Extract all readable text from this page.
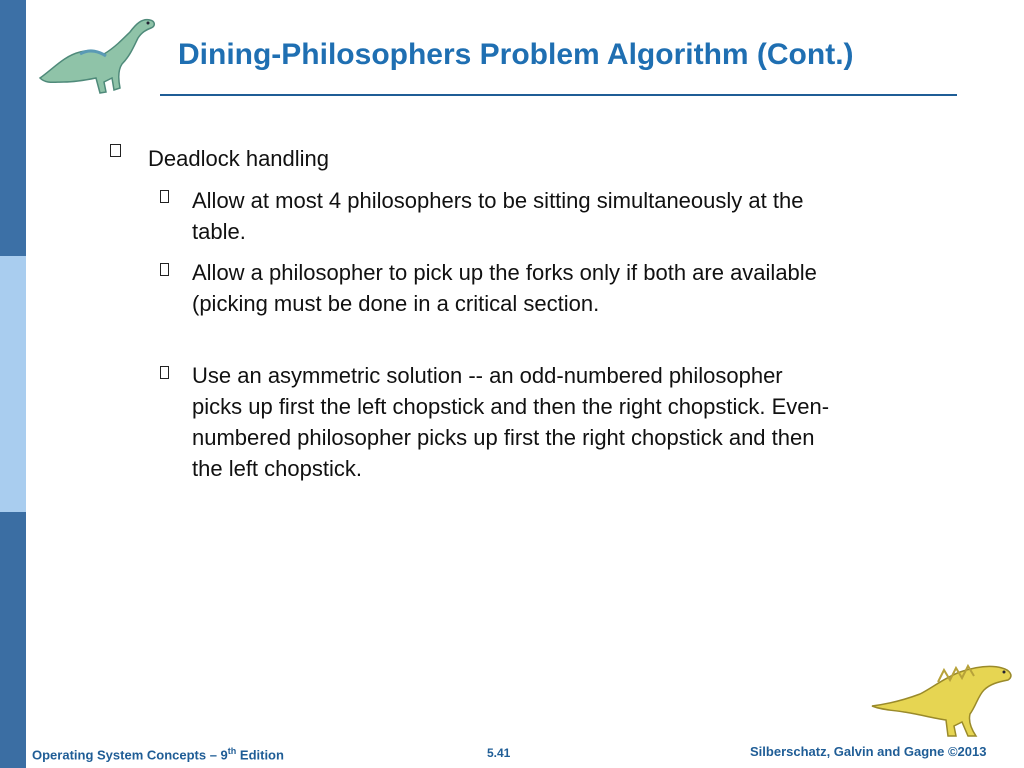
Dining-Philosophers Problem Algorithm (Cont.)
Deadlock handling
Allow at most 4 philosophers to be sitting simultaneously at the table.
Allow a philosopher to pick up the forks only if both are available (picking must be done in a critical section.
Use an asymmetric solution -- an odd-numbered philosopher picks up first the left chopstick and then the right chopstick. Even-numbered philosopher picks up first the right chopstick and then the left chopstick.
Operating System Concepts – 9th Edition	5.41	Silberschatz, Galvin and Gagne ©2013
